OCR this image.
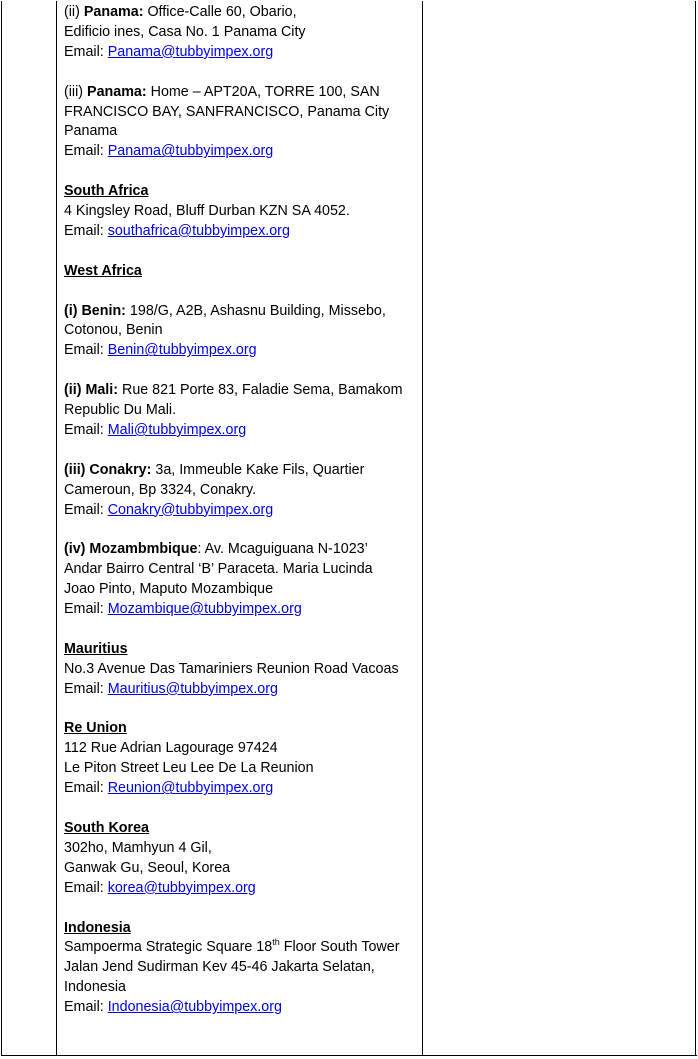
(ii) Panama: Office-Calle 60, Obario,
Edificio ines, Casa No. 1 Panama City
Email: Panama@tubbyimpex.org

(iii) Panama: Home – APT20A, TORRE 100, SAN
FRANCISCO BAY, SANFRANCISCO, Panama City
Panama
Email: Panama@tubbyimpex.org

South Africa
4 Kingsley Road, Bluff Durban KZN SA 4052.
Email: southafrica@tubbyimpex.org

West Africa

(i) Benin: 198/G, A2B, Ashasnu Building, Missebo,
Cotonou, Benin
Email: Benin@tubbyimpex.org

(ii) Mali: Rue 821 Porte 83, Faladie Sema, Bamakom
Republic Du Mali.
Email: Mali@tubbyimpex.org

(iii) Conakry: 3a, Immeuble Kake Fils, Quartier
Cameroun, Bp 3324, Conakry.
Email: Conakry@tubbyimpex.org

(iv) Mozambmbique: Av. Mcaguiguana N-1023’
Andar Bairro Central ‘B’ Paraceta. Maria Lucinda
Joao Pinto, Maputo Mozambique
Email: Mozambique@tubbyimpex.org

Mauritius
No.3 Avenue Das Tamariniers Reunion Road Vacoas
Email: Mauritius@tubbyimpex.org

Re Union
112 Rue Adrian Lagourage 97424
Le Piton Street Leu Lee De La Reunion
Email: Reunion@tubbyimpex.org

South Korea
302ho, Mamhyun 4 Gil,
Ganwak Gu, Seoul, Korea
Email: korea@tubbyimpex.org

Indonesia
Sampoerma Strategic Square 18th Floor South Tower
Jalan Jend Sudirman Kev 45-46 Jakarta Selatan,
Indonesia
Email: Indonesia@tubbyimpex.org
